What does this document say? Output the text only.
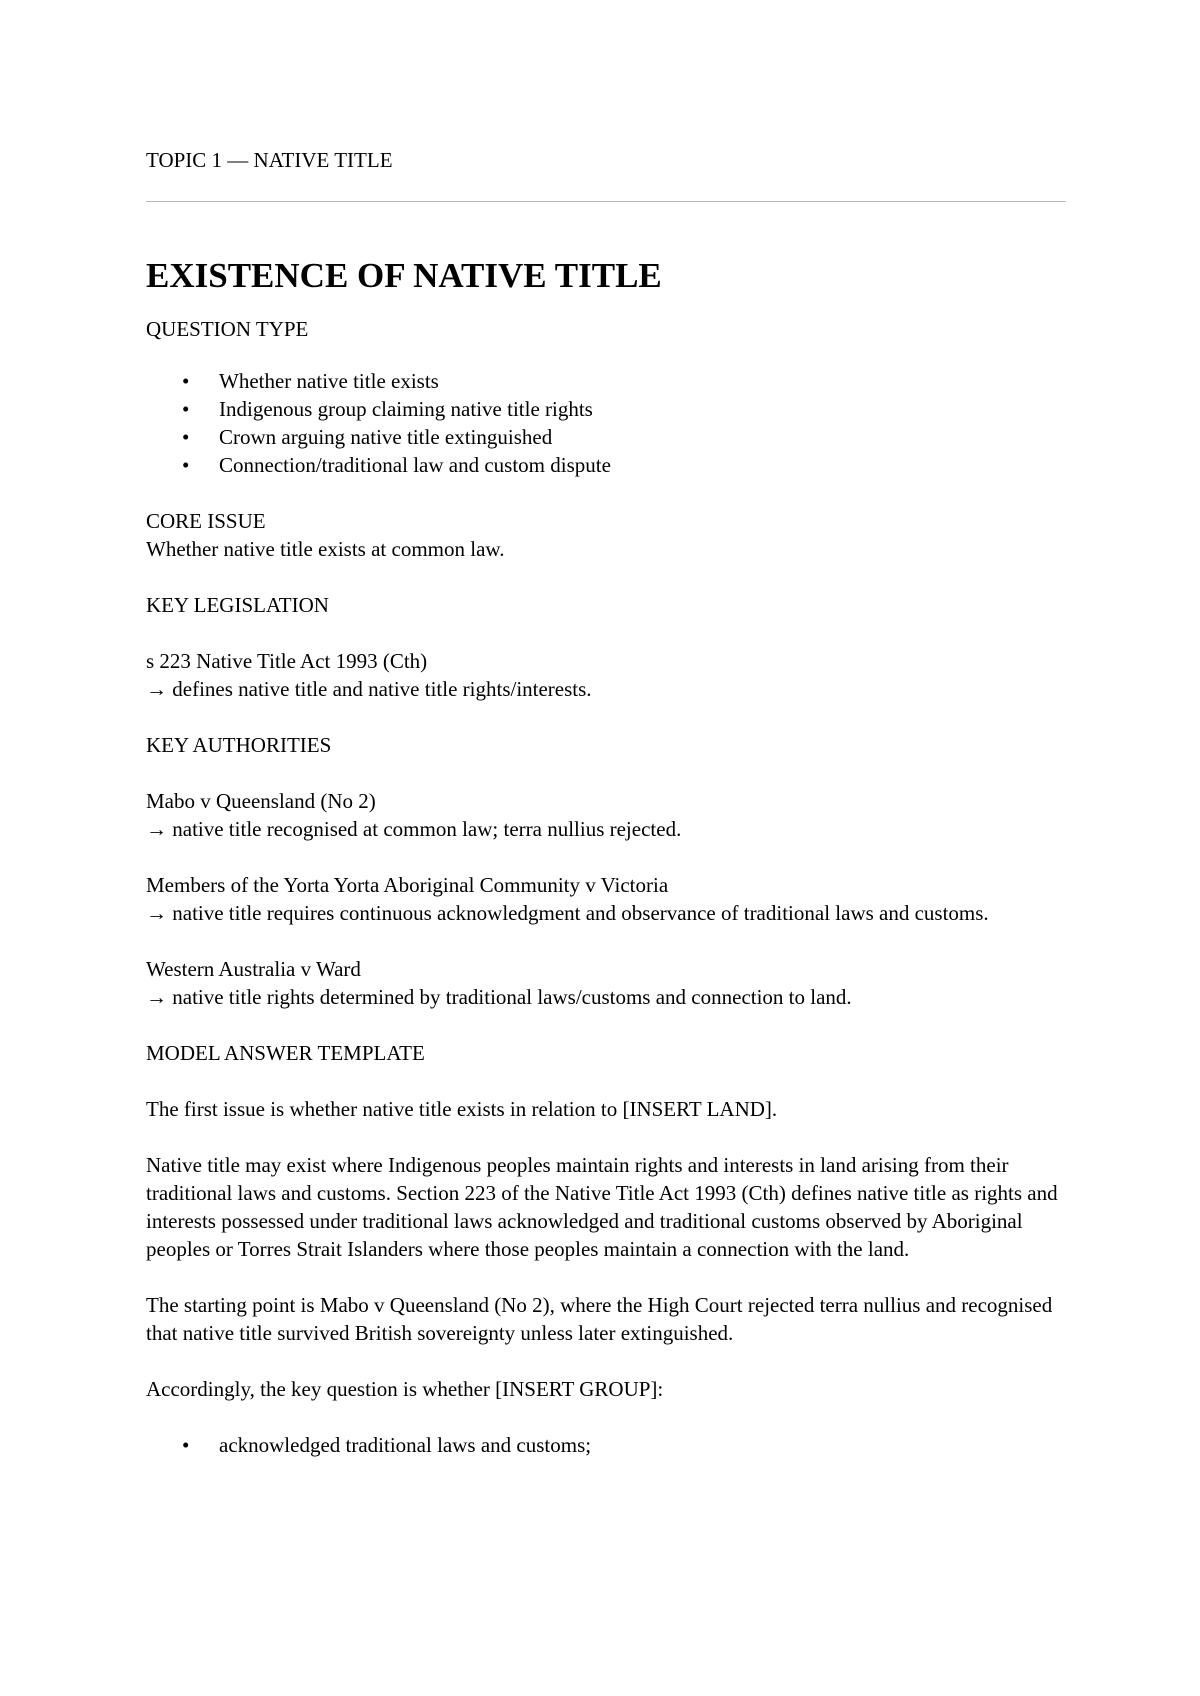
TOPIC 1 — NATIVE TITLE
EXISTENCE OF NATIVE TITLE

QUESTION TYPE

• Whether native title exists
• Indigenous group claiming native title rights
• Crown arguing native title extinguished
• Connection/traditional law and custom dispute

CORE ISSUE

Whether native title exists at common law.

KEY LEGISLATION

s 223 Native Title Act 1993 (Cth)

→ defines native title and native title rights/interests.

KEY AUTHORITIES

Mabo v Queensland (No 2)

→ native title recognised at common law; terra nullius rejected.

Members of the Yorta Yorta Aboriginal Community v Victoria

→ native title requires continuous acknowledgment and observance of traditional laws and customs.

Western Australia v Ward

→ native title rights determined by traditional laws/customs and connection to land.

MODEL ANSWER TEMPLATE

The first issue is whether native title exists in relation to [INSERT LAND].

Native title may exist where Indigenous peoples maintain rights and interests in land arising from their traditional laws and customs. Section 223 of the Native Title Act 1993 (Cth) defines native title as rights and interests possessed under traditional laws acknowledged and traditional customs observed by Aboriginal peoples or Torres Strait Islanders where those peoples maintain a connection with the land.

The starting point is Mabo v Queensland (No 2), where the High Court rejected terra nullius and recognised that native title survived British sovereignty unless later extinguished.

Accordingly, the key question is whether [INSERT GROUP]:

• acknowledged traditional laws and customs;
